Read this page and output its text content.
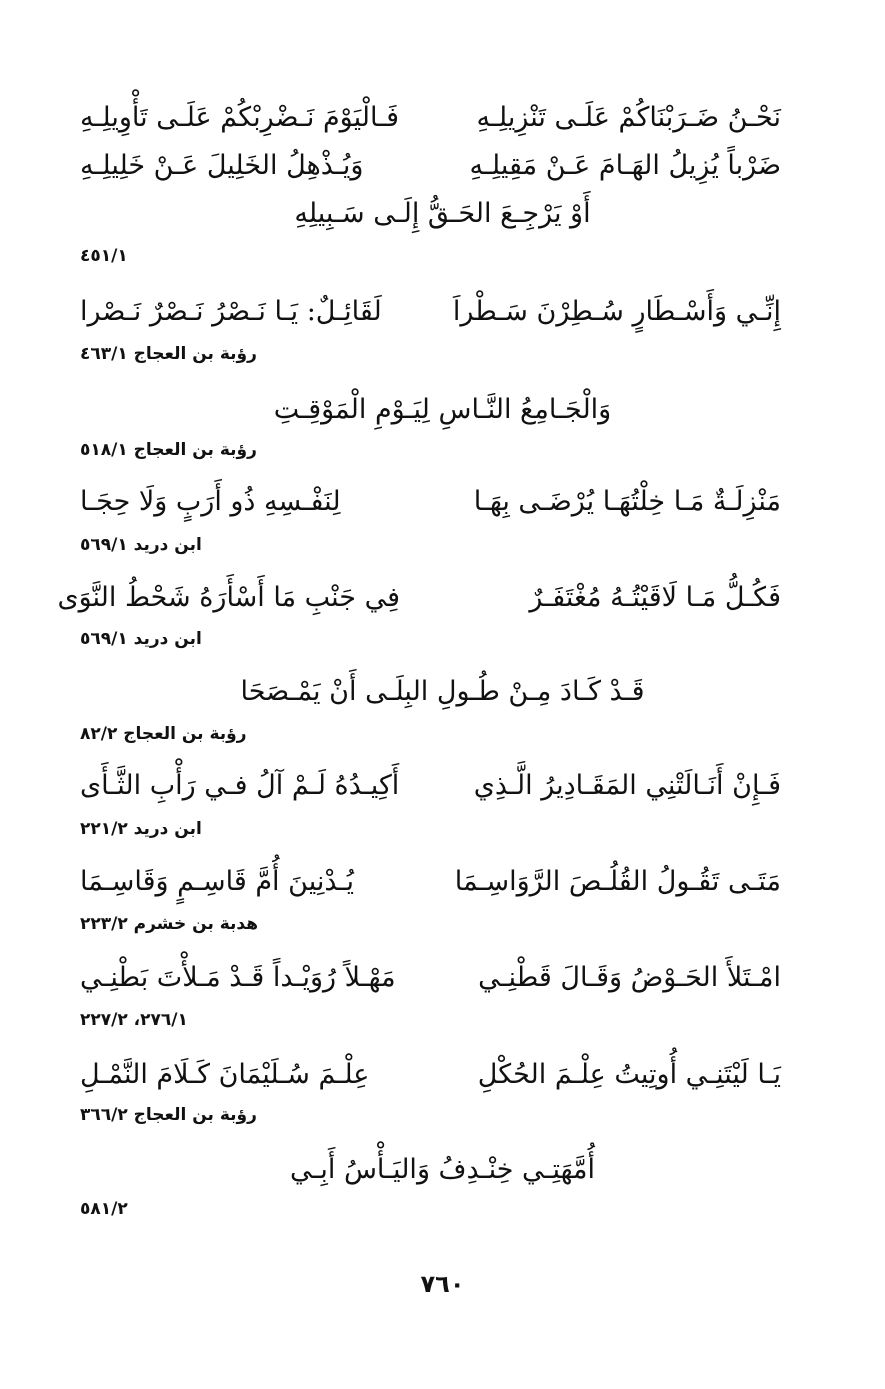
نَحْـنُ ضَـرَبْنَاكُمْ عَلَـى تَنْزِيلِـهِ
فَـالْيَوْمَ نَـضْرِبْكُمْ عَلَـى تَأْوِيلِـهِ
ضَرْباً يُزِيلُ الهَـامَ عَـنْ مَقِيلِـهِ
وَيُـذْهِلُ الخَلِيلَ عَـنْ خَلِيلِـهِ
أَوْ يَرْجِـعَ الحَـقُّ إِلَـى سَـبِيلِهِ
٤٥١/١
إِنِّـي وَأَسْـطَارٍ سُـطِرْنَ سَـطْراَ
لَقَائِـلٌ: يَـا نَـصْرُ نَـصْرٌ نَـصْرا
رؤبة بن العجاج ٤٦٣/١
وَالْجَـامِعُ النَّـاسِ لِيَـوْمِ الْمَوْقِـتِ
رؤبة بن العجاج ٥١٨/١
مَنْزِلَـةٌ مَـا خِلْتُهَـا يُرْضَـى بِهَـا
لِنَفْـسِهِ ذُو أَرَبٍ وَلَا حِجَـا
ابن دريد ٥٦٩/١
فَكُـلُّ مَـا لَاقَيْتُـهُ مُغْتَفَـرٌ
فِي جَنْبِ مَا أَسْأَرَهُ شَحْطُ النَّوَى
ابن دريد ٥٦٩/١
قَـدْ كَـادَ مِـنْ طُـولِ البِلَـى أَنْ يَمْـصَحَا
رؤبة بن العجاج ٨٢/٢
فَـإِنْ أَنَـالَتْنِي المَقَـادِيرُ الَّـذِي
أَكِيـدُهُ لَـمْ آلُ فـي رَأْبِ الثَّـأَى
ابن دريد ٢٢١/٢
مَتَـى تَقُـولُ القُلُـصَ الرَّوَاسِـمَا
يُـدْنِينَ أُمَّ قَاسِـمٍ وَقَاسِـمَا
هدبة بن خشرم ٢٢٣/٢
امْـتَلأَ الحَـوْضُ وَقَـالَ قَطْنِـي
مَهْـلاً رُوَيْـداً قَـدْ مَـلأْتَ بَطْنِـي
٢٧٦/١، ٢٢٧/٢
يَـا لَيْتَنِـي أُوتِيتُ عِلْـمَ الحُكْلِ
عِلْـمَ سُـلَيْمَانَ كَـلَامَ النَّمْـلِ
رؤبة بن العجاج ٣٦٦/٢
أُمَّهَتِـي خِنْـدِفُ وَاليَـأْسُ أَبِـي
٥٨١/٢
٧٦٠
